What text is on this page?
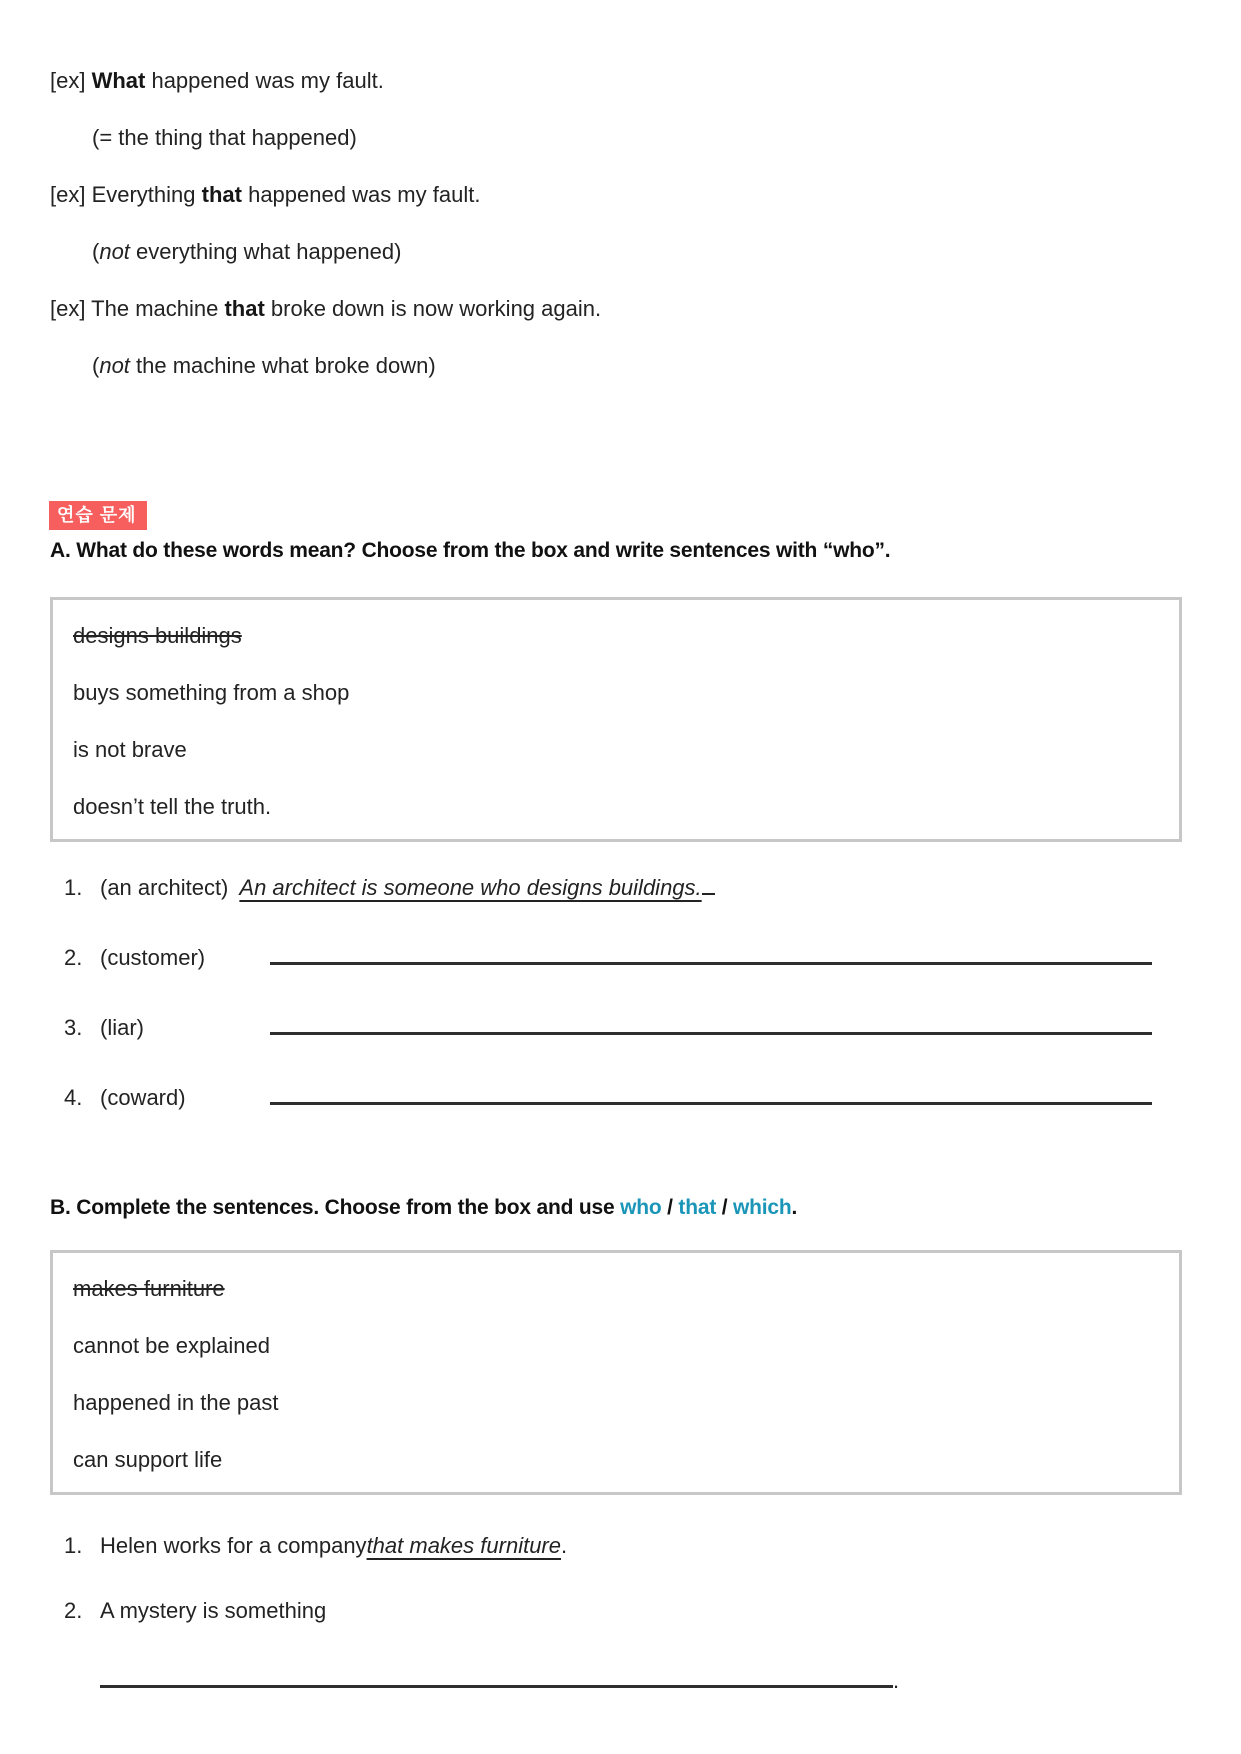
[ex] What happened was my fault.

(= the thing that happened)

[ex] Everything that happened was my fault.

(not everything what happened)

[ex] The machine that broke down is now working again.

(not the machine what broke down)

연습 문제
A. What do these words mean? Choose from the box and write sentences with “who”.

designs buildings

buys something from a shop

is not brave

doesn’t tell the truth.

1. (an architect) An architect is someone who designs buildings.
2. (customer)
3. (liar)
4. (coward)
B. Complete the sentences. Choose from the box and use who / that / which.

makes furniture

cannot be explained

happened in the past

can support life

1. Helen works for a company that makes furniture .
2. A mystery is something
.
